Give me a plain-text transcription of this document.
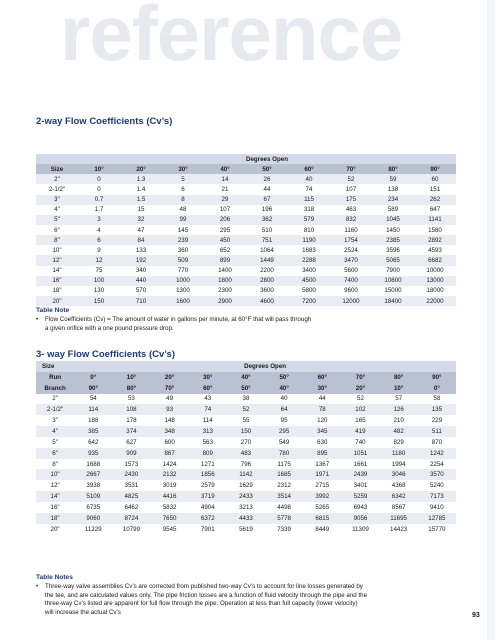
reference
2-way Flow Coefficients (Cv’s)
	Degrees Open								
Size	10°	20°	30°	40°	50°	60°	70°	80°	90°
2"	0	1.3	5	14	26	40	52	59	60
2-1/2"	0	1.4	6	21	44	74	107	138	151
3"	0.7	1.5	8	29	67	115	175	234	262
4"	1.7	15	48	107	196	318	463	589	647
5"	3	32	99	206	362	579	832	1045	1141
6"	4	47	145	295	510	810	1160	1450	1580
8"	6	84	239	450	751	1190	1754	2385	2892
10"	9	133	360	652	1064	1683	2524	3596	4593
12"	12	192	509	899	1449	2288	3470	5065	6682
14"	75	340	770	1400	2200	3400	5600	7900	10000
16"	100	440	1000	1800	2800	4500	7400	10800	13000
18"	130	570	1300	2300	3600	5800	9600	15000	18000
20"	150	710	1600	2900	4600	7200	12000	18400	22000
Table Note
• Flow Coefficients (Cv) = The amount of water in gallons per minute, at 60°F that will pass through
a given orifice with a one pound pressure drop.
3- way Flow Coefficients (Cv’s)
Size	Degrees Open									
Run	0°	10°	20°	30°	40°	50°	60°	70°	80°	90°
Branch	90°	80°	70°	60°	50°	40°	30°	20°	10°	0°
2"	54	53	49	43	38	40	44	52	57	58
2-1/2"	114	108	93	74	52	64	78	102	126	135
3"	188	178	148	114	55	95	120	165	210	229
4"	385	374	348	313	150	295	345	419	482	511
5"	642	627	600	563	270	549	630	740	829	870
6"	935	909	867	809	483	780	895	1051	1180	1242
8"	1688	1573	1424	1271	796	1175	1367	1661	1994	2254
10"	2667	2430	2132	1856	1142	1685	1971	2439	3046	3570
12"	3938	3531	3019	2579	1629	2312	2715	3401	4368	5240
14"	5109	4825	4416	3719	2433	3514	3992	5259	6342	7173
16"	6735	6462	5832	4904	3213	4498	5265	6943	8567	9410
18"	9060	8724	7650	6372	4433	5778	6815	9056	11695	12785
20"	11229	10799	9545	7901	5619	7339	8449	11309	14423	15770
Table Notes
• Three-way valve assemblies Cv’s are corrected from published two-way Cv’s to account for line losses generated by
the tee, and are calculated values only. The pipe friction losses are a function of fluid velocity through the pipe and the
three-way Cv’s listed are apparent for full flow through the pipe. Operation at less than full capacity (lower velocity)
will increase the actual Cv’s	93
